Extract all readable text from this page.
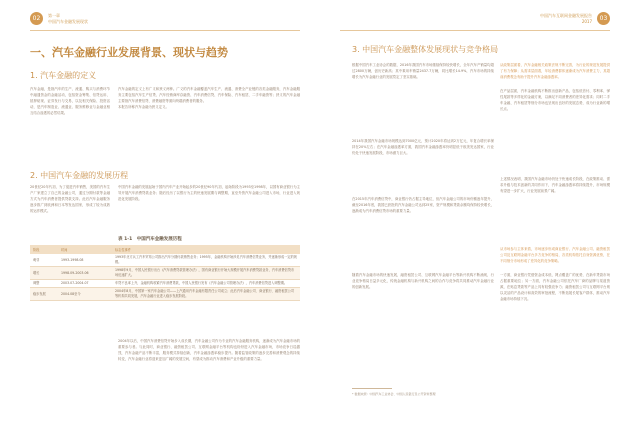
02	第一章
中国汽车金融发展现状
一、汽车金融行业发展背景、现状与趋势
1. 汽车金融的定义
汽车金融，是指汽车的生产、流通、购买与消费环节中融通资金的金融活动，包括资金筹集、信贷运用、抵押贴现、证券发行与交易，以及相关保险、投资活动，是汽车制造业、流通业、服务维修业与金融业相互结合渗透的必然结果。
汽车金融的定义上有广义和狭义两种。广义的汽车金融覆盖汽车生产、流通、消费全产业链的各类金融服务，汽车金融服务主要包括汽车生产信贷、汽车经销商库存融资、汽车消费信贷、汽车保险、汽车租赁、二手车融资等；狭义的汽车金融主要指汽车消费信贷、消费融资等面向终端消费者的服务。
本报告所称汽车金融为狭义定义。
2. 中国汽车金融的发展历程
20世纪20年代初，为了促进汽车销售，美国的汽车生产厂家建立了自己的金融公司，通过分期付款等金融方式为汽车消费者提供贷款支持。此后汽车金融服务逐步推广到欧洲和日本等发达国家，形成了较为成熟的运作模式。
中国汽车金融的发展起始于国内汽车产业开始起步的20世纪90年代初，起始阶段为1993至1998年，以国有商业银行为主导开展汽车消费贷款业务；随后经历了以银行为主的快速发展期与调整期，直至外资汽车金融公司进入市场，行业进入规范化发展阶段。
表 1-1　中国汽车金融发展历程
阶段	时间	标志性事件
萌芽	1993-1998.08	1993年北方兵工汽车贸易公司推出汽车分期付款销售业务；1995年，金融机构开始涉足汽车消费信贷业务，并逐渐形成一定的规模。
增长	1998.09-2003.06	1998年9月，中国人民银行出台《汽车消费贷款管理办法》，国有商业银行开始大规模开展汽车消费贷款业务，汽车消费信贷市场迅速扩大。
调整	2003.07-2004.07	车贷不良率上升，金融机构收紧汽车消费贷款，中国人民银行发布《汽车金融公司管理办法》，汽车消费信贷进入调整期。
稳步发展	2004.08至今	2004年8月，中国第一家汽车金融公司——上汽通用汽车金融有限责任公司成立；此后汽车金融公司、商业银行、融资租赁公司等机构共同发展，汽车金融行业进入稳步发展阶段。
2004年以后，中国汽车消费信贷开始步入成长期，汽车金融公司作为专业的汽车金融服务机构，逐渐成为汽车金融市场的重要参与者。与此同时，商业银行、融资租赁公司、互联网金融平台等机构也纷纷进入汽车金融市场，市场竞争日趋激烈，汽车金融产品不断丰富，服务模式持续创新，汽车金融渗透率稳步提升。随着监管政策的逐步完善和消费观念的持续转变，汽车金融行业将迎来更加广阔的发展空间，有望成为推动汽车消费和产业升级的重要力量。
中国汽车互联网金融发展报告
2017	03
3. 中国汽车金融整体发展现状与竞争格局
根据中国汽车工业协会的数据，2016年我国汽车市场继续保持较快增长，全年汽车产销量均超过2800万辆，创历史新高；其中乘用车销量2437.7万辆，同比增长14.9%，汽车市场的持续增长为汽车金融行业的发展奠定了坚实基础。
2014年我国汽车金融市场规模达到7000亿元，预计2020年将达到2万亿元，年复合增长率保持在20%左右；在汽车金融渗透率方面，我国汽车金融渗透率仍明显低于欧美发达国家，行业仍处于快速发展阶段，市场潜力巨大。
在2015年汽车消费信贷中，商业银行仍占据主导地位，但汽车金融公司的市场份额逐年提升，截至2016年底，我国已获批的汽车金融公司达到25家，资产规模和贷款余额均保持较快增长，逐渐成为汽车消费信贷市场的重要力量。
随着汽车金融市场的快速发展，融资租赁公司、互联网汽车金融平台等新兴机构不断涌现，行业竞争格局日益多元化，传统金融机构与新兴机构之间的合作与竞争将共同推动汽车金融行业的创新发展。
从政策层面看，汽车金融相关政策法规不断完善，为行业的规范发展提供了有力保障；从需求层面看，年轻消费群体逐渐成为汽车消费主力，其超前消费观念有助于提升汽车金融渗透率。
在产品层面，汽车金融机构不断推出创新产品，包括低首付、零利率、弹性尾款等多样化的金融方案，以满足不同消费者的差异化需求；同时二手车金融、汽车租赁等细分市场也呈现出良好的发展态势，成为行业新的增长点。
上述情况表明，我国汽车金融市场仍处于快速成长阶段，在政策推动、需求升级与技术创新的共同作用下，汽车金融渗透率将持续提升，市场规模有望进一步扩大，行业发展前景广阔。
从市场参与主体来看，市场逐步形成商业银行、汽车金融公司、融资租赁公司及互联网金融平台多方竞争的格局，各类机构依托自身资源优势，在不同细分市场形成了差异化的竞争策略。
一方面，商业银行凭借资金成本低、网点覆盖广的优势，在新车贷款市场占据重要地位；另一方面，汽车金融公司依托汽车厂商的品牌与渠道资源，在贴息贷款等产品上具有较强竞争力；融资租赁公司与互联网平台则以灵活的产品设计和高效的审批流程，不断拓展长尾客户群体，推动汽车金融市场持续下沉。
* 数据来源：中国汽车工业协会、中国人民银行及公开资料整理
